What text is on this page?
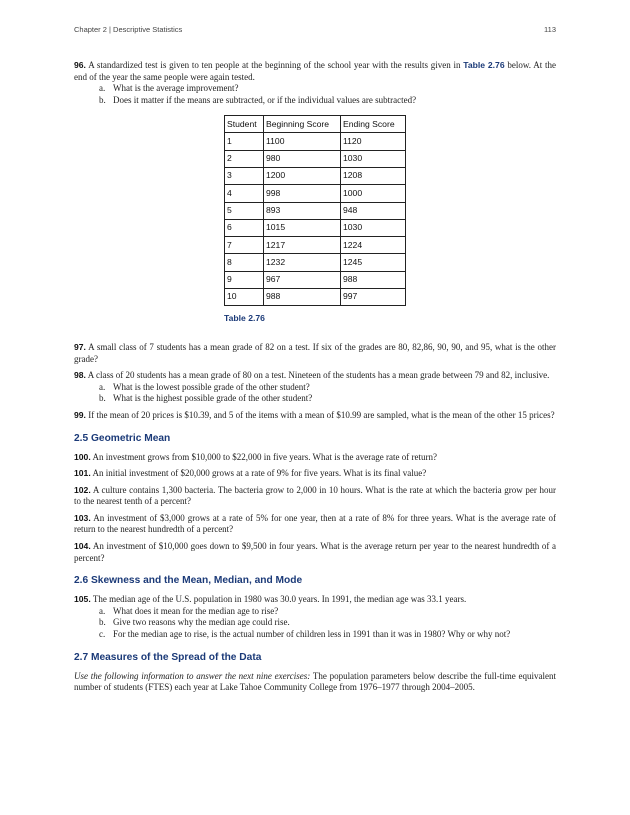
Chapter 2 | Descriptive Statistics	113

96. A standardized test is given to ten people at the beginning of the school year with the results given in Table 2.76 below. At the end of the year the same people were again tested.

a. What is the average improvement?
b. Does it matter if the means are subtracted, or if the individual values are subtracted?
Student	Beginning Score	Ending Score
1	1100	1120
2	980	1030
3	1200	1208
4	998	1000
5	893	948
6	1015	1030
7	1217	1224
8	1232	1245
9	967	988
10	988	997
Table 2.76

97. A small class of 7 students has a mean grade of 82 on a test. If six of the grades are 80, 82,86, 90, 90, and 95, what is the other grade?

98. A class of 20 students has a mean grade of 80 on a test. Nineteen of the students has a mean grade between 79 and 82, inclusive.

a. What is the lowest possible grade of the other student?
b. What is the highest possible grade of the other student?

99. If the mean of 20 prices is $10.39, and 5 of the items with a mean of $10.99 are sampled, what is the mean of the other 15 prices?

2.5 Geometric Mean

100. An investment grows from $10,000 to $22,000 in five years. What is the average rate of return?

101. An initial investment of $20,000 grows at a rate of 9% for five years. What is its final value?

102. A culture contains 1,300 bacteria. The bacteria grow to 2,000 in 10 hours. What is the rate at which the bacteria grow per hour to the nearest tenth of a percent?

103. An investment of $3,000 grows at a rate of 5% for one year, then at a rate of 8% for three years. What is the average rate of return to the nearest hundredth of a percent?

104. An investment of $10,000 goes down to $9,500 in four years. What is the average return per year to the nearest hundredth of a percent?

2.6 Skewness and the Mean, Median, and Mode

105. The median age of the U.S. population in 1980 was 30.0 years. In 1991, the median age was 33.1 years.

a. What does it mean for the median age to rise?
b. Give two reasons why the median age could rise.
c. For the median age to rise, is the actual number of children less in 1991 than it was in 1980? Why or why not?
2.7 Measures of the Spread of the Data

Use the following information to answer the next nine exercises: The population parameters below describe the full-time equivalent number of students (FTES) each year at Lake Tahoe Community College from 1976–1977 through 2004–2005.
